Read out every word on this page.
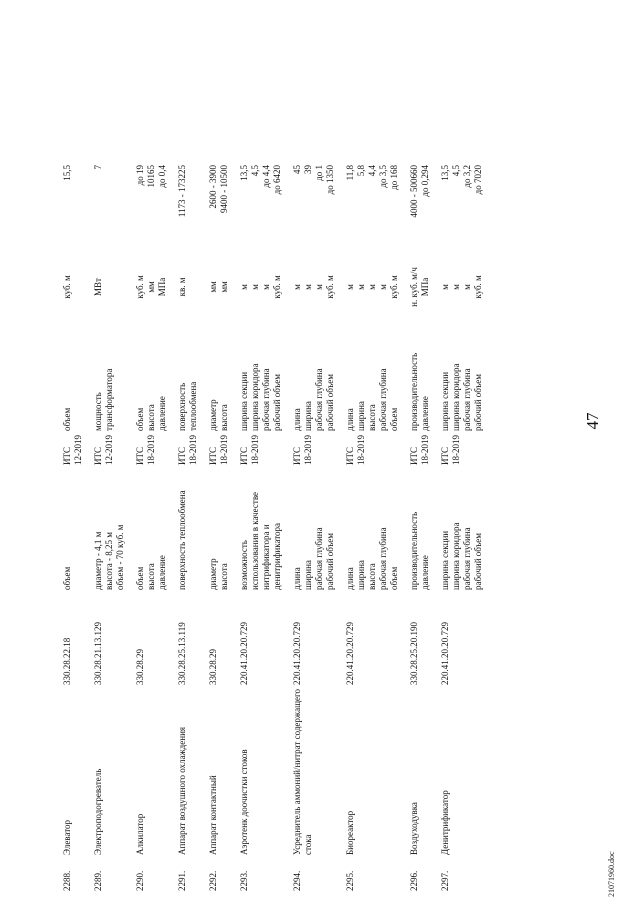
47
2288.	Элеватор	330.28.22.18	объем	ИТС 12-2019	объем	куб. м	15,5

2289.	Электроподогреватель	330.28.21.13.129	диаметр - 4,1 м высота - 8,25 м объем - 70 куб. м	ИТС 12-2019	мощность трансформатора	МВт	7

2290.	Алкилатор	330.28.29	объем высота давление	ИТС 18-2019	объем высота давление	куб. м мм МПа	до 19 10165 до 0,4

2291.	Аппарат воздушного охлаждения	330.28.25.13.119	поверхность теплообмена	ИТС 18-2019	поверхность теплообмена	кв. м	1173 - 173225

2292.	Аппарат контактный	330.28.29	диаметр высота	ИТС 18-2019	диаметр высота	мм мм	2600 - 3900 9400 - 10500

2293.	Аэротенк доочистки стоков	220.41.20.20.729	возможность использования в качестве нитрификатора и денитрификатора	ИТС 18-2019	ширина секции ширина коридора рабочая глубина рабочий объем	м м м куб. м	13,5 4,5 до 4,4 до 6420

2294.	Усреднитель аммоний/нитрат содержащего стока	220.41.20.20.729	длина ширина рабочая глубина рабочий объем	ИТС 18-2019	длина ширина рабочая глубина рабочий объем	м м м куб. м	45 39 до 1 до 1350

2295.	Биореактор	220.41.20.20.729	длина ширина высота рабочая глубина объем	ИТС 18-2019	длина ширина высота рабочая глубина объем	м м м м куб. м	11,8 5,8 4,4 до 3,5 до 168

2296.	Воздуходувка	330.28.25.20.190	производительность давление	ИТС 18-2019	производительность давление	н. куб. м/ч МПа	4000 - 500660 до 0,294

2297.	Денитрификатор	220.41.20.20.729	ширина секции ширина коридора рабочая глубина рабочий объем	ИТС 18-2019	ширина секции ширина коридора рабочая глубина рабочий объем	м м м куб. м	13,5 4,5 до 3,2 до 7020
21071960.doc
